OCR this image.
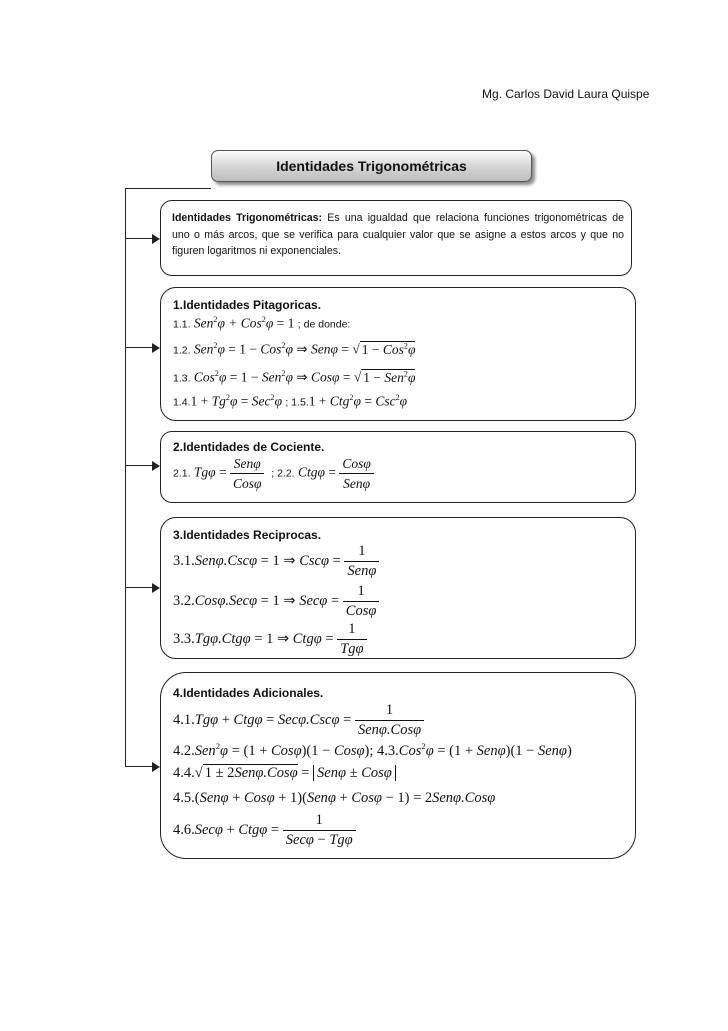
Mg. Carlos David Laura Quispe
Identidades Trigonométricas
Identidades Trigonométricas: Es una igualdad que relaciona funciones trigonométricas de uno o más arcos, que se verifica para cualquier valor que se asigne a estos arcos y que no figuren logaritmos ni exponenciales.
1.Identidades Pitagoricas.
1.1. Sen$^2$φ + Cos$^2$φ = 1 ; de donde:
1.2. Sen$^2$φ = 1 − Cos$^2$φ ⇒ Senφ = √ 1 − Cos$^2$φ
1.3. Cos$^2$φ = 1 − Sen$^2$φ ⇒ Cosφ = √ 1 − Sen$^2$φ
$1.4.1 + Tg^2\varphi = Sec^2\varphi$ ; 1.5.1 + Ctg$^2$φ = Csc$^2$φ
2.Identidades de Cociente.
2.1. $Tg\varphi = \frac{\text{Senφ}}{\text{Cosφ}}$ ; 2.2. $Ctg\varphi = \frac{\text{Cosφ}}{\text{Senφ}}$
3.Identidades Reciprocas.
3.1.Senφ.Cscφ = 1 ⇒ $Csc\varphi = \frac{1}{\text{Senφ}}$
3.2.Cosφ.Secφ = 1 ⇒ $Sec\varphi = \frac{1}{\text{Cosφ}}$
3.3.Tgφ.Ctgφ = 1 ⇒ $Ctg\varphi = \frac{1}{\text{Tgφ}}$
4.Identidades Adicionales.
$4.1.Tg\varphi + Ctg\varphi = Sec\varphi.Csc\varphi = \frac{1}{\text{Senφ.Cosφ}}$
4.2.Sen$^2$φ = (1 + Cosφ)(1 − Cosφ); 4.3.Cos$^2$φ = (1 + Senφ)(1 − Senφ)
4.4.√ 1 ± 2Senφ.Cosφ = Senφ ± Cosφ
4.5.(Senφ + Cosφ + 1)(Senφ + Cosφ − 1) = 2Senφ.Cosφ
$4.6.Sec\varphi + Ctg\varphi = \frac{1}{\text{Secφ − Tgφ}}$
